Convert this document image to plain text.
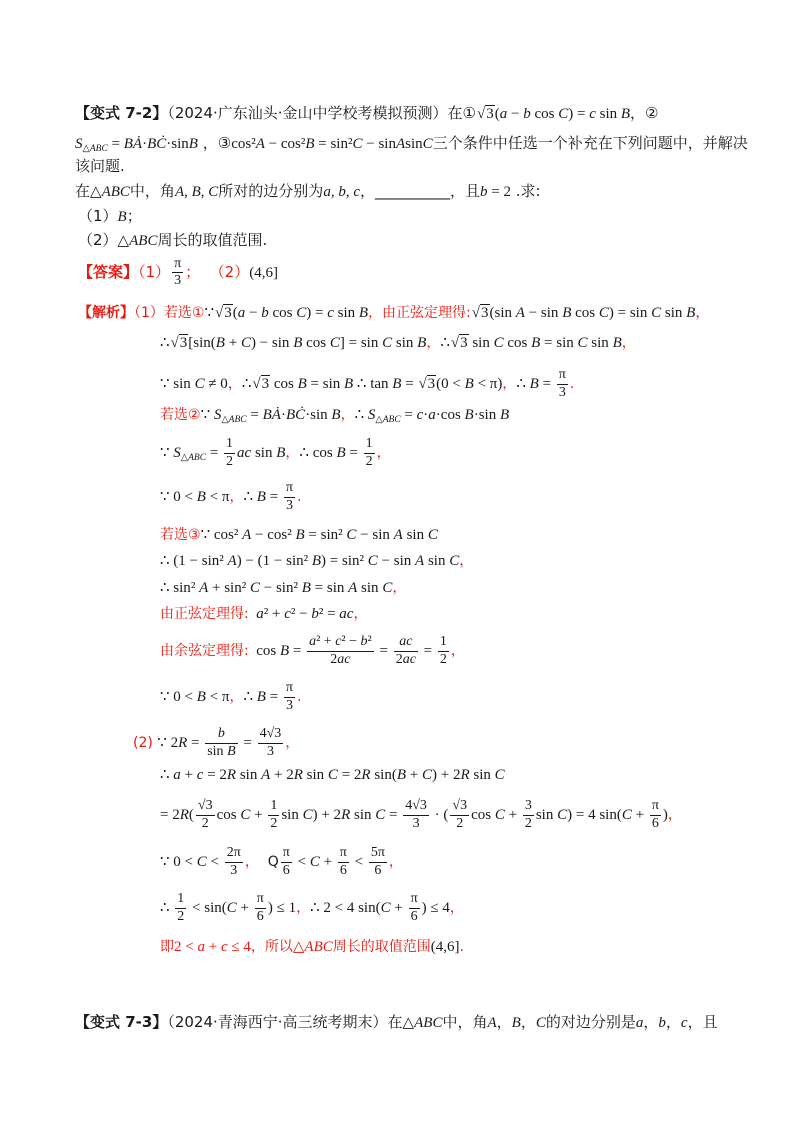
【变式 7-2】（2024·广东汕头·金山中学校考模拟预测）在① √ 3(a − b cos C) = c sin B，②
$S_{\triangle ABC}$ = BȦ·BĊ·sinB ，③cos²A − cos²B = sin²C − sinAsinC三个条件中任选一个补充在下列问题中，并解决
该问题.
在△ABC中，角A, B, C所对的边分别为a, b, c，__________，且b = 2 .求:
（1）B；
（2）△ABC周长的取值范围.
【答案】$(1) \frac{\pi}{3}$ ；  （2）(4,6]
【解析】（1）若选①∵ √ 3(a − b cos C) = c sin B，由正弦定理得: √ 3(sin A − sin B cos C) = sin C sin B，
∴ √ 3[sin(B + C) − sin B cos C] = sin C sin B，∴ √ 3 sin C cos B = sin C sin B，
∵ sin C ≠ 0，∴ √ 3 cos B = sin B ∴ tan B = √ 3(0 < B < π)，∴ $B = \frac{\pi}{3}$ .
若选②∵ $S_{\triangle ABC}$ = BȦ·BĊ·sin B，∴ $S_{\triangle ABC} = c\cdot a\cdot\cos$ B·sin B
∵ $S_{\triangle ABC} = \frac{1}{2}$ ac sin B，∴ $\cos B = \frac{1}{2}$ ，
∵ 0 < B < π，∴ $B = \frac{\pi}{3}$ .
若选③∵ cos² A − cos² B = sin² C − sin A sin C
∴ (1 − sin² A) − (1 − sin² B) = sin² C − sin A sin C，
∴ sin² A + sin² C − sin² B = sin A sin C，
由正弦定理得: a² + c² − b² = ac，
由余弦定理得: $\cos B = \frac{\text{a² + c² − b²}}{2ac} = \frac{ac}{2ac} = \frac{1}{2}$ ，
∵ 0 < B < π，∴ $B = \frac{\pi}{3}$ .
(2) ∵ $2R = \frac{b}{\text{sin B}} = \frac{4√3}{3}$ ，
∴ a + c = 2R sin A + 2R sin C = 2R sin(B + C) + 2R sin C
= $2R( \frac{√3}{2}$ $\cos C + \frac{1}{2}$ sin C) + 2R $\sin C = \frac{4√3}{3}$ · ( $\frac{√3}{2}$ $\cos C + \frac{3}{2}$ sin C) = 4 $\sin(C + \frac{\pi}{6}$ )，
∵ $0 < C < \frac{2\pi}{3}$ ，  Q $\frac{\pi}{6} < C + \frac{\pi}{6} < \frac{5\pi}{6}$ ，
∴ $\frac{1}{2} < \sin(C + \frac{\pi}{6}$ ) ≤ 1，∴ 2 < 4 $\sin(C + \frac{\pi}{6}$ ) ≤ 4，
即2 < a + c ≤ 4，所以△ABC周长的取值范围(4,6].
【变式 7-3】（2024·青海西宁·高三统考期末）在△ABC中，角A，B，C的对边分别是a，b，c，且
